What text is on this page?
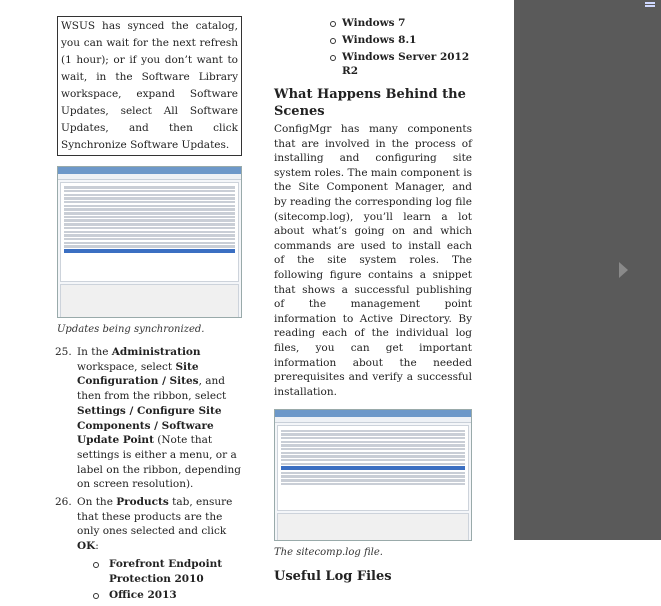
WSUS has synced the catalog, you can wait for the next refresh (1 hour); or if you don’t want to wait, in the Software Library workspace, expand Software Updates, select All Software Updates, and then click Synchronize Software Updates.
Updates being synchronized.
25. In the Administration workspace, select Site Configuration / Sites, and then from the ribbon, select Settings / Configure Site Components / Software Update Point (Note that settings is either a menu, or a label on the ribbon, depending on screen resolution).
26. On the Products tab, ensure that these products are the only ones selected and click OK:
Forefront Endpoint Protection 2010
Office 2013
Windows 7
Windows 8.1
Windows Server 2012 R2
What Happens Behind the Scenes

ConfigMgr has many components that are involved in the process of installing and configuring site system roles. The main component is the Site Component Manager, and by reading the corresponding log file (sitecomp.log), you’ll learn a lot about what’s going on and which commands are used to install each of the site system roles. The following figure contains a snippet that shows a successful publishing of the management point information to Active Directory. By reading each of the individual log files, you can get important information about the needed prerequisites and verify a successful installation.

The sitecomp.log file.
Useful Log Files
